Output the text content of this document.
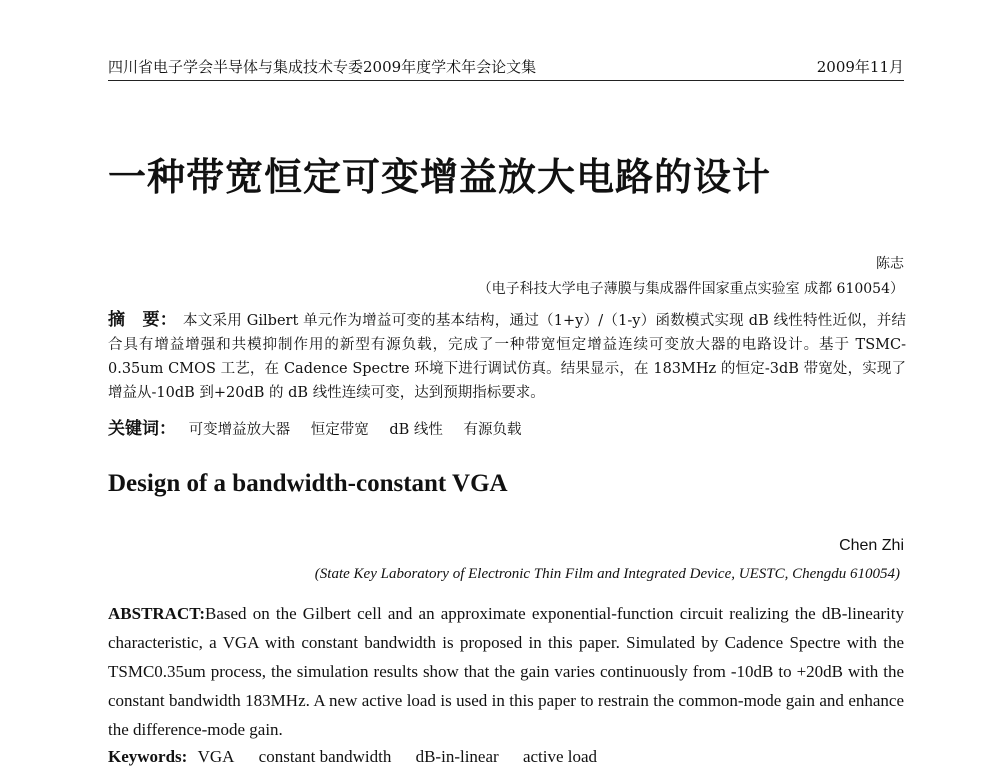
四川省电子学会半导体与集成技术专委2009年度学术年会论文集	2009年11月
一种带宽恒定可变增益放大电路的设计
陈志
（电子科技大学电子薄膜与集成器件国家重点实验室 成都 610054）
摘　要： 本文采用 Gilbert 单元作为增益可变的基本结构，通过（1+y）/（1-y）函数模式实现 dB 线性特性近似，并结合具有增益增强和共模抑制作用的新型有源负载，完成了一种带宽恒定增益连续可变放大器的电路设计。基于 TSMC-0.35um CMOS 工艺，在 Cadence Spectre 环境下进行调试仿真。结果显示，在 183MHz 的恒定-3dB 带宽处，实现了增益从-10dB 到+20dB 的 dB 线性连续可变，达到预期指标要求。
关键词： 可变增益放大器 恒定带宽 dB 线性 有源负载
Design of a bandwidth-constant VGA
Chen Zhi
(State Key Laboratory of Electronic Thin Film and Integrated Device, UESTC, Chengdu 610054)
ABSTRACT:Based on the Gilbert cell and an approximate exponential-function circuit realizing the dB-linearity characteristic, a VGA with constant bandwidth is proposed in this paper. Simulated by Cadence Spectre with the TSMC0.35um process, the simulation results show that the gain varies continuously from -10dB to +20dB with the constant bandwidth 183MHz. A new active load is used in this paper to restrain the common-mode gain and enhance the difference-mode gain.
Keywords: VGA constant bandwidth dB-in-linear active load
